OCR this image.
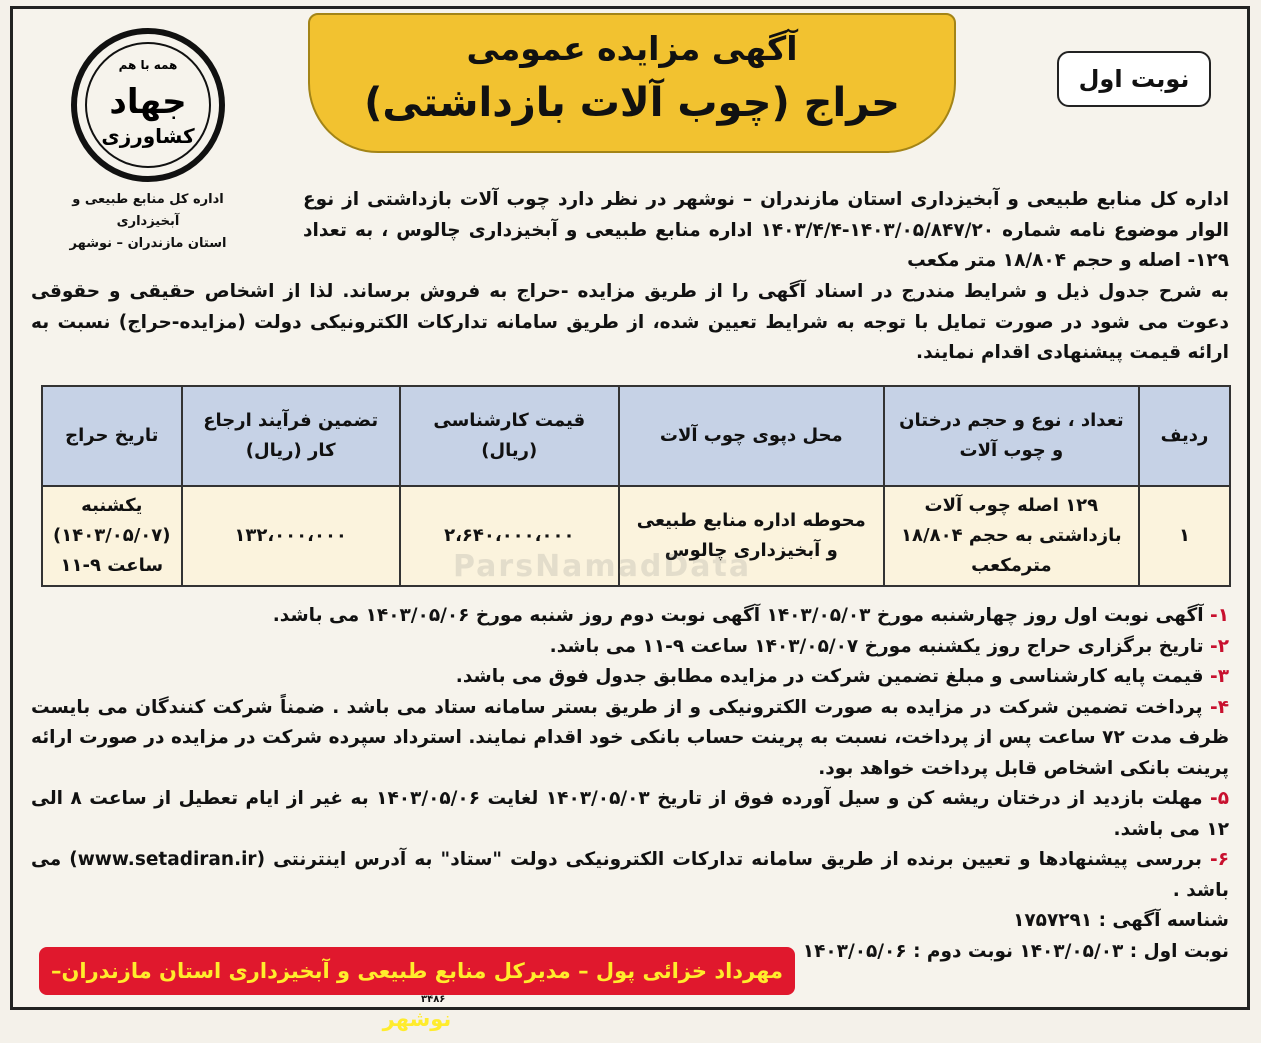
نوبت اول
آگهی مزایده عمومی
حراج (چوب آلات بازداشتی)
همه با هم
جهاد
کشاورزی
اداره کل منابع طبیعی و آبخیزداری
استان مازندران – نوشهر
اداره کل منابع طبیعی و آبخیزداری استان مازندران – نوشهر در نظر دارد چوب آلات بازداشتی از نوع الوار موضوع نامه شماره ۱۴۰۳/۰۵/۸۴۷/۲۰-۱۴۰۳/۴/۴ اداره منابع طبیعی و آبخیزداری چالوس ، به تعداد ۱۲۹- اصله و حجم ۱۸/۸۰۴ متر مکعب
به شرح جدول ذیل و شرایط مندرج در اسناد آگهی را از طریق مزایده -حراج به فروش برساند. لذا از اشخاص حقیقی و حقوقی دعوت می شود در صورت تمایل با توجه به شرایط تعیین شده، از طریق سامانه تدارکات الکترونیکی دولت (مزایده-حراج) نسبت به ارائه قیمت پیشنهادی اقدام نمایند.
ردیف	تعداد ، نوع و حجم درختان و چوب آلات	محل دپوی چوب آلات	قیمت کارشناسی (ریال)	تضمین فرآیند ارجاع کار (ریال)	تاریخ حراج
۱	۱۲۹ اصله چوب آلات بازداشتی به حجم ۱۸/۸۰۴ مترمکعب	محوطه اداره منابع طبیعی و آبخیزداری چالوس	۲،۶۴۰،۰۰۰،۰۰۰	۱۳۲،۰۰۰،۰۰۰	یکشنبه (۱۴۰۳/۰۵/۰۷) ساعت ۹-۱۱	ParsNamadData
۱- آگهی نوبت اول روز چهارشنبه مورخ ۱۴۰۳/۰۵/۰۳ آگهی نوبت دوم روز شنبه مورخ ۱۴۰۳/۰۵/۰۶ می باشد.
۲- تاریخ برگزاری حراج روز یکشنبه مورخ ۱۴۰۳/۰۵/۰۷ ساعت ۹-۱۱ می باشد.
۳- قیمت پایه کارشناسی و مبلغ تضمین شرکت در مزایده مطابق جدول فوق می باشد.
۴- پرداخت تضمین شرکت در مزایده به صورت الکترونیکی و از طریق بستر سامانه ستاد می باشد . ضمناً شرکت کنندگان می بایست ظرف مدت ۷۲ ساعت پس از پرداخت، نسبت به پرینت حساب بانکی خود اقدام نمایند. استرداد سپرده شرکت در مزایده در صورت ارائه پرینت بانکی اشخاص قابل پرداخت خواهد بود.
۵- مهلت بازدید از درختان ریشه کن و سیل آورده فوق از تاریخ ۱۴۰۳/۰۵/۰۳ لغایت ۱۴۰۳/۰۵/۰۶ به غیر از ایام تعطیل از ساعت ۸ الی ۱۲ می باشد.
۶- بررسی پیشنهادها و تعیین برنده از طریق سامانه تدارکات الکترونیکی دولت "ستاد" به آدرس اینترنتی (www.setadiran.ir) می باشد .
شناسه آگهی : ۱۷۵۷۲۹۱
نوبت اول : ۱۴۰۳/۰۵/۰۳ نوبت دوم : ۱۴۰۳/۰۵/۰۶
مهرداد خزائی پول – مدیرکل منابع طبیعی و آبخیزداری استان مازندران–نوشهر
۳۴۸۶
